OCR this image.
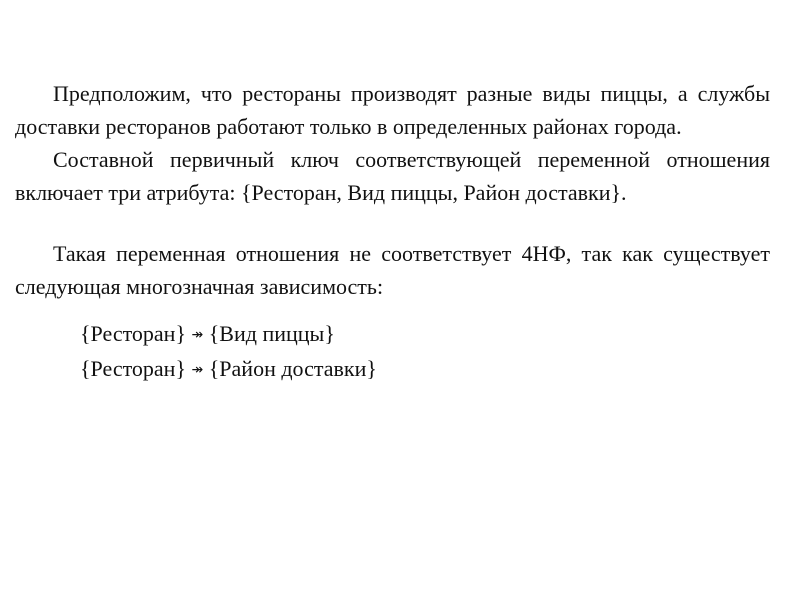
Предположим, что рестораны производят разные виды пиццы, а службы доставки ресторанов работают только в определенных районах города.

Составной первичный ключ соответствующей переменной отношения включает три атрибута: {Ресторан, Вид пиццы, Район доставки}.

Такая переменная отношения не соответствует 4НФ, так как существует следующая многозначная зависимость:

{Ресторан} ↠ {Вид пиццы}
{Ресторан} ↠ {Район доставки}
